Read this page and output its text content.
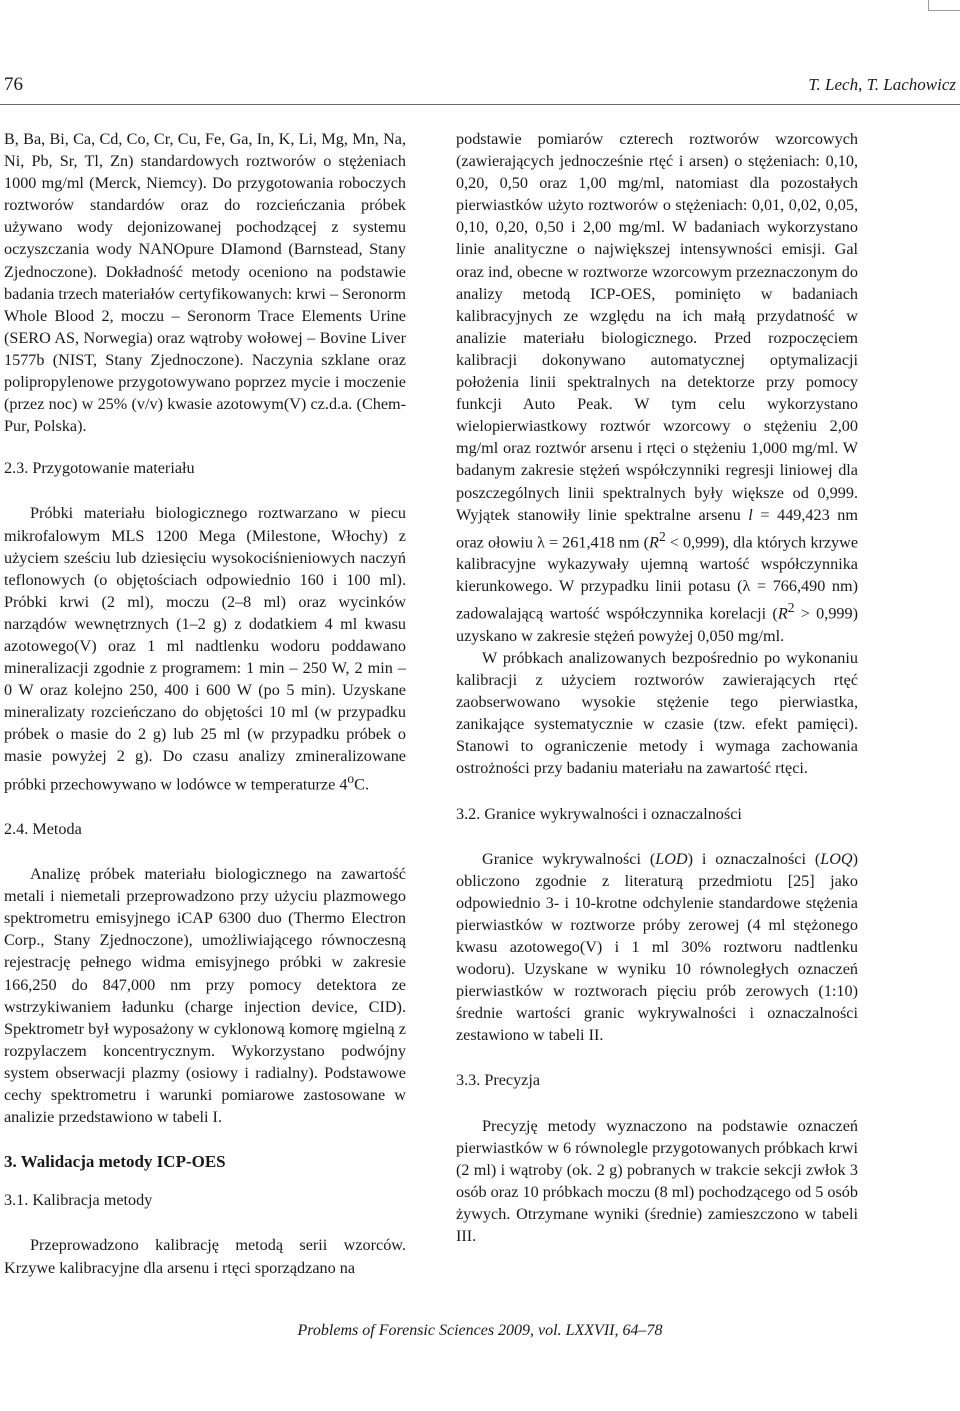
76	T. Lech, T. Lachowicz

B, Ba, Bi, Ca, Cd, Co, Cr, Cu, Fe, Ga, In, K, Li, Mg, Mn, Na, Ni, Pb, Sr, Tl, Zn) standardowych roztworów o stężeniach 1000 mg/ml (Merck, Niemcy). Do przygotowania roboczych roztworów standardów oraz do rozcieńczania próbek używano wody dejonizowanej pochodzącej z systemu oczyszczania wody NANOpure DIamond (Barnstead, Stany Zjednoczone). Dokładność metody oceniono na podstawie badania trzech materiałów certyfikowanych: krwi – Seronorm Whole Blood 2, moczu – Seronorm Trace Elements Urine (SERO AS, Norwegia) oraz wątroby wołowej – Bovine Liver 1577b (NIST, Stany Zjednoczone). Naczynia szklane oraz polipropylenowe przygotowywano poprzez mycie i moczenie (przez noc) w 25% (v/v) kwasie azotowym(V) cz.d.a. (Chem-Pur, Polska).

2.3. Przygotowanie materiału

Próbki materiału biologicznego roztwarzano w piecu mikrofalowym MLS 1200 Mega (Milestone, Włochy) z użyciem sześciu lub dziesięciu wysokociśnieniowych naczyń teflonowych (o objętościach odpowiednio 160 i 100 ml). Próbki krwi (2 ml), moczu (2–8 ml) oraz wycinków narządów wewnętrznych (1–2 g) z dodatkiem 4 ml kwasu azotowego(V) oraz 1 ml nadtlenku wodoru poddawano mineralizacji zgodnie z programem: 1 min – 250 W, 2 min – 0 W oraz kolejno 250, 400 i 600 W (po 5 min). Uzyskane mineralizaty rozcieńczano do objętości 10 ml (w przypadku próbek o masie do 2 g) lub 25 ml (w przypadku próbek o masie powyżej 2 g). Do czasu analizy zmineralizowane próbki przechowywano w lodówce w temperaturze 4$^o$C.

2.4. Metoda

Analizę próbek materiału biologicznego na zawartość metali i niemetali przeprowadzono przy użyciu plazmowego spektrometru emisyjnego iCAP 6300 duo (Thermo Electron Corp., Stany Zjednoczone), umożliwiającego równoczesną rejestrację pełnego widma emisyjnego próbki w zakresie 166,250 do 847,000 nm przy pomocy detektora ze wstrzykiwaniem ładunku (charge injection device, CID). Spektrometr był wyposażony w cyklonową komorę mgielną z rozpylaczem koncentrycznym. Wykorzystano podwójny system obserwacji plazmy (osiowy i radialny). Podstawowe cechy spektrometru i warunki pomiarowe zastosowane w analizie przedstawiono w tabeli I.

3. Walidacja metody ICP-OES

3.1. Kalibracja metody

Przeprowadzono kalibrację metodą serii wzorców. Krzywe kalibracyjne dla arsenu i rtęci sporządzano na

podstawie pomiarów czterech roztworów wzorcowych (zawierających jednocześnie rtęć i arsen) o stężeniach: 0,10, 0,20, 0,50 oraz 1,00 mg/ml, natomiast dla pozostałych pierwiastków użyto roztworów o stężeniach: 0,01, 0,02, 0,05, 0,10, 0,20, 0,50 i 2,00 mg/ml. W badaniach wykorzystano linie analityczne o największej intensywności emisji. Gal oraz ind, obecne w roztworze wzorcowym przeznaczonym do analizy metodą ICP-OES, pominięto w badaniach kalibracyjnych ze względu na ich małą przydatność w analizie materiału biologicznego. Przed rozpoczęciem kalibracji dokonywano automatycznej optymalizacji położenia linii spektralnych na detektorze przy pomocy funkcji Auto Peak. W tym celu wykorzystano wielopierwiastkowy roztwór wzorcowy o stężeniu 2,00 mg/ml oraz roztwór arsenu i rtęci o stężeniu 1,000 mg/ml. W badanym zakresie stężeń współczynniki regresji liniowej dla poszczególnych linii spektralnych były większe od 0,999. Wyjątek stanowiły linie spektralne arsenu l = 449,423 nm oraz ołowiu λ = 261,418 nm $(R^2 < 0,999)$, dla których krzywe kalibracyjne wykazywały ujemną wartość współczynnika kierunkowego. W przypadku linii potasu (λ = 766,490 nm) zadowalającą wartość współczynnika korelacji $(R^2 > 0,999)$ uzyskano w zakresie stężeń powyżej 0,050 mg/ml.

W próbkach analizowanych bezpośrednio po wykonaniu kalibracji z użyciem roztworów zawierających rtęć zaobserwowano wysokie stężenie tego pierwiastka, zanikające systematycznie w czasie (tzw. efekt pamięci). Stanowi to ograniczenie metody i wymaga zachowania ostrożności przy badaniu materiału na zawartość rtęci.

3.2. Granice wykrywalności i oznaczalności

Granice wykrywalności (LOD) i oznaczalności (LOQ) obliczono zgodnie z literaturą przedmiotu [25] jako odpowiednio 3- i 10-krotne odchylenie standardowe stężenia pierwiastków w roztworze próby zerowej (4 ml stężonego kwasu azotowego(V) i 1 ml 30% roztworu nadtlenku wodoru). Uzyskane w wyniku 10 równoległych oznaczeń pierwiastków w roztworach pięciu prób zerowych (1:10) średnie wartości granic wykrywalności i oznaczalności zestawiono w tabeli II.

3.3. Precyzja

Precyzję metody wyznaczono na podstawie oznaczeń pierwiastków w 6 równolegle przygotowanych próbkach krwi (2 ml) i wątroby (ok. 2 g) pobranych w trakcie sekcji zwłok 3 osób oraz 10 próbkach moczu (8 ml) pochodzącego od 5 osób żywych. Otrzymane wyniki (średnie) zamieszczono w tabeli III.

Problems of Forensic Sciences 2009, vol. LXXVII, 64–78
